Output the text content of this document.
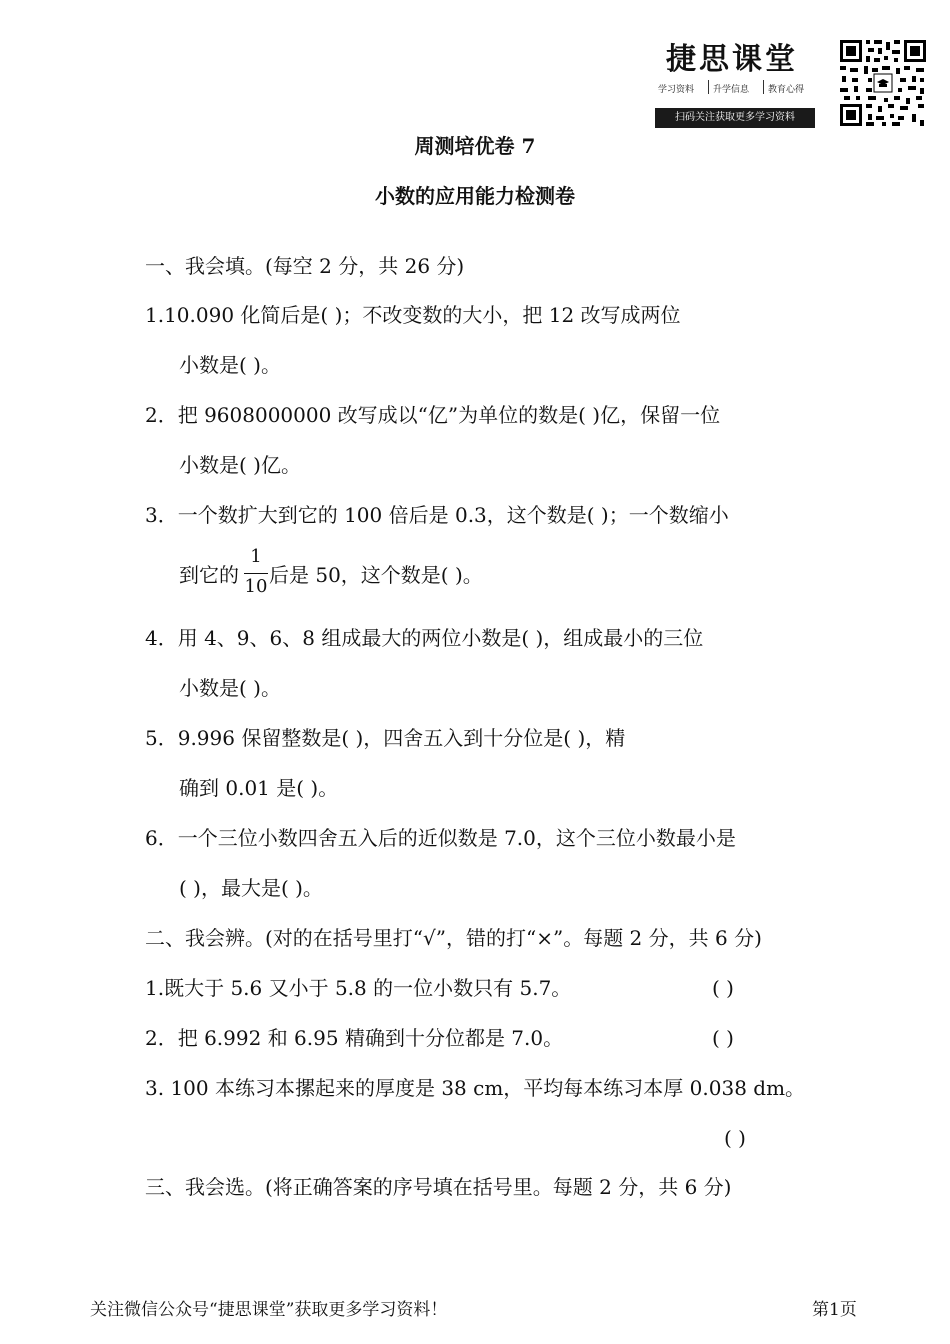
捷思课堂
学习资料 升学信息 教育心得
扫码关注获取更多学习资料
周测培优卷 7
小数的应用能力检测卷
一、我会填。(每空 2 分，共 26 分)
1.10.090 化简后是( )；不改变数的大小，把 12 改写成两位
小数是( )。
2．把 9608000000 改写成以“亿”为单位的数是( )亿，保留一位
小数是( )亿。
3．一个数扩大到它的 100 倍后是 0.3，这个数是( )；一个数缩小
到它的
1
10 后是 50，这个数是( )。
4．用 4、9、6、8 组成最大的两位小数是( )，组成最小的三位
小数是( )。
5．9.996 保留整数是( )，四舍五入到十分位是( )，精
确到 0.01 是( )。
6．一个三位小数四舍五入后的近似数是 7.0，这个三位小数最小是
( )，最大是( )。
二、我会辨。(对的在括号里打“√”，错的打“×”。每题 2 分，共 6 分)
1.既大于 5.6 又小于 5.8 的一位小数只有 5.7。	( )
2．把 6.992 和 6.95 精确到十分位都是 7.0。	( )
3. 100 本练习本摞起来的厚度是 38 cm，平均每本练习本厚 0.038 dm。
( )
三、我会选。(将正确答案的序号填在括号里。每题 2 分，共 6 分)
关注微信公众号“捷思课堂”获取更多学习资料！	第1页
